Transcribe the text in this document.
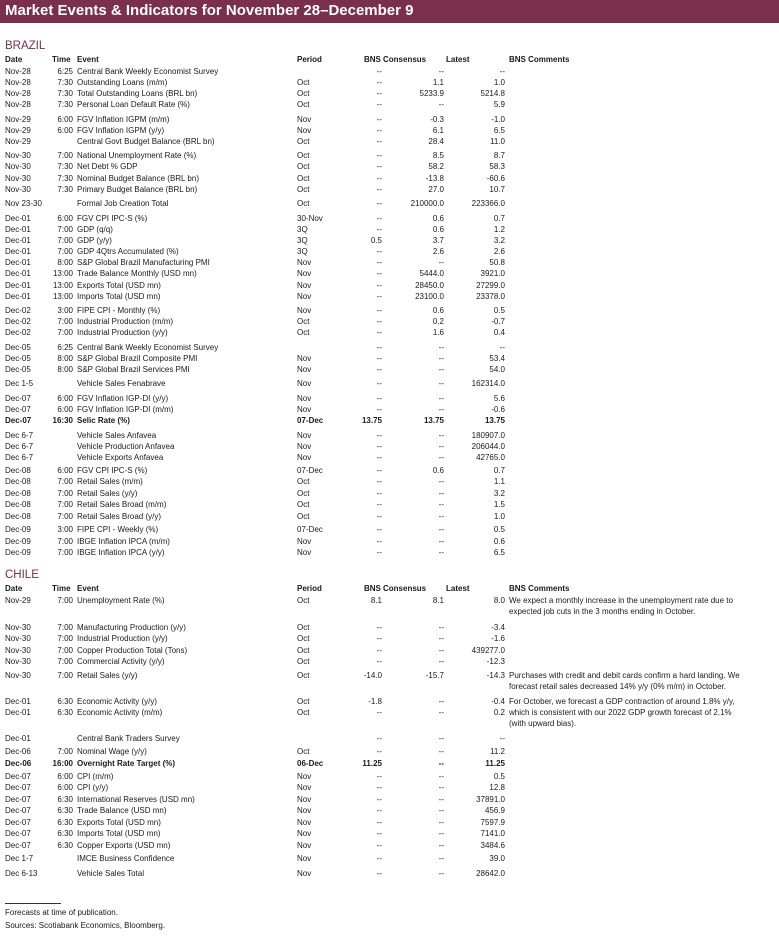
Market Events & Indicators for November 28–December 9
BRAZIL
Date	Time Event	Period	BNS Consensus Latest	BNS Comments
Nov-28	6:25 Central Bank Weekly Economist Survey	--	--	--
Nov-28	7:30 Outstanding Loans (m/m)	Oct	--	1.1	1.0
Nov-28	7:30 Total Outstanding Loans (BRL bn)	Oct	--	5233.9	5214.8
Nov-28	7:30 Personal Loan Default Rate (%)	Oct	--	--	5.9
Nov-29	6:00 FGV Inflation IGPM (m/m)	Nov	--	-0.3	-1.0
Nov-29	6:00 FGV Inflation IGPM (y/y)	Nov	--	6.1	6.5
Nov-29	Central Govt Budget Balance (BRL bn)	Oct	--	28.4	11.0
Nov-30	7:00 National Unemployment Rate (%)	Oct	--	8.5	8.7
Nov-30	7:30 Net Debt % GDP	Oct	--	58.2	58.3
Nov-30	7:30 Nominal Budget Balance (BRL bn)	Oct	--	-13.8	-60.6
Nov-30	7:30 Primary Budget Balance (BRL bn)	Oct	--	27.0	10.7
Nov 23-30	Formal Job Creation Total	Oct	--	210000.0	223366.0
Dec-01	6:00 FGV CPI IPC-S (%)	30-Nov	--	0.6	0.7
Dec-01	7:00 GDP (q/q)	3Q	--	0.6	1.2
Dec-01	7:00 GDP (y/y)	3Q	0.5	3.7	3.2
Dec-01	7:00 GDP 4Qtrs Accumulated (%)	3Q	--	2.6	2.6
Dec-01	8:00 S&P Global Brazil Manufacturing PMI	Nov	--	--	50.8
Dec-01	13:00 Trade Balance Monthly (USD mn)	Nov	--	5444.0	3921.0
Dec-01	13:00 Exports Total (USD mn)	Nov	--	28450.0	27299.0
Dec-01	13:00 Imports Total (USD mn)	Nov	--	23100.0	23378.0
Dec-02	3:00 FIPE CPI - Monthly (%)	Nov	--	0.6	0.5
Dec-02	7:00 Industrial Production (m/m)	Oct	--	0.2	-0.7
Dec-02	7:00 Industrial Production (y/y)	Oct	--	1.6	0.4
Dec-05	6:25 Central Bank Weekly Economist Survey	--	--	--
Dec-05	8:00 S&P Global Brazil Composite PMI	Nov	--	--	53.4
Dec-05	8:00 S&P Global Brazil Services PMI	Nov	--	--	54.0
Dec 1-5	Vehicle Sales Fenabrave	Nov	--	--	162314.0
Dec-07	6:00 FGV Inflation IGP-DI (y/y)	Nov	--	--	5.6
Dec-07	6:00 FGV Inflation IGP-DI (m/m)	Nov	--	--	-0.6
Dec-07	16:30 Selic Rate (%)	07-Dec	13.75	13.75	13.75
Dec 6-7	Vehicle Sales Anfavea	Nov	--	--	180907.0
Dec 6-7	Vehicle Production Anfavea	Nov	--	--	206044.0
Dec 6-7	Vehicle Exports Anfavea	Nov	--	--	42765.0
Dec-08	6:00 FGV CPI IPC-S (%)	07-Dec	--	0.6	0.7
Dec-08	7:00 Retail Sales (m/m)	Oct	--	--	1.1
Dec-08	7:00 Retail Sales (y/y)	Oct	--	--	3.2
Dec-08	7:00 Retail Sales Broad (m/m)	Oct	--	--	1.5
Dec-08	7:00 Retail Sales Broad (y/y)	Oct	--	--	1.0
Dec-09	3:00 FIPE CPI - Weekly (%)	07-Dec	--	--	0.5
Dec-09	7:00 IBGE Inflation IPCA (m/m)	Nov	--	--	0.6
Dec-09	7:00 IBGE Inflation IPCA (y/y)	Nov	--	--	6.5
CHILE
Date	Time Event	Period	BNS Consensus Latest	BNS Comments
Nov-29	7:00 Unemployment Rate (%)	Oct	8.1	8.1	8.0 We expect a monthly increase in the unemployment rate due to
expected job cuts in the 3 months ending in October.
Nov-30	7:00 Manufacturing Production (y/y)	Oct	--	--	-3.4
Nov-30	7:00 Industrial Production (y/y)	Oct	--	--	-1.6
Nov-30	7:00 Copper Production Total (Tons)	Oct	--	--	439277.0
Nov-30	7:00 Commercial Activity (y/y)	Oct	--	--	-12.3
Nov-30	7:00 Retail Sales (y/y)	Oct	-14.0	-15.7	-14.3 Purchases with credit and debit cards confirm a hard landing. We
forecast retail sales decreased 14% y/y (0% m/m) in October.
Dec-01	6:30 Economic Activity (y/y)	Oct	-1.8	--	-0.4 For October, we forecast a GDP contraction of around 1.8% y/y,
Dec-01	6:30 Economic Activity (m/m)	Oct	--	--	0.2 which is consistent with our 2022 GDP growth forecast of 2.1%
(with upward bias).
Dec-01	Central Bank Traders Survey	--	--	--
Dec-06	7:00 Nominal Wage (y/y)	Oct	--	--	11.2
Dec-06	16:00 Overnight Rate Target (%)	06-Dec	11.25	--	11.25
Dec-07	6:00 CPI (m/m)	Nov	--	--	0.5
Dec-07	6:00 CPI (y/y)	Nov	--	--	12.8
Dec-07	6:30 International Reserves (USD mn)	Nov	--	--	37891.0
Dec-07	6:30 Trade Balance (USD mn)	Nov	--	--	456.9
Dec-07	6:30 Exports Total (USD mn)	Nov	--	--	7597.9
Dec-07	6:30 Imports Total (USD mn)	Nov	--	--	7141.0
Dec-07	6:30 Copper Exports (USD mn)	Nov	--	--	3484.6
Dec 1-7	IMCE Business Confidence	Nov	--	--	39.0
Dec 6-13	Vehicle Sales Total	Nov	--	--	28642.0
Forecasts at time of publication.
Sources: Scotiabank Economics, Bloomberg.
